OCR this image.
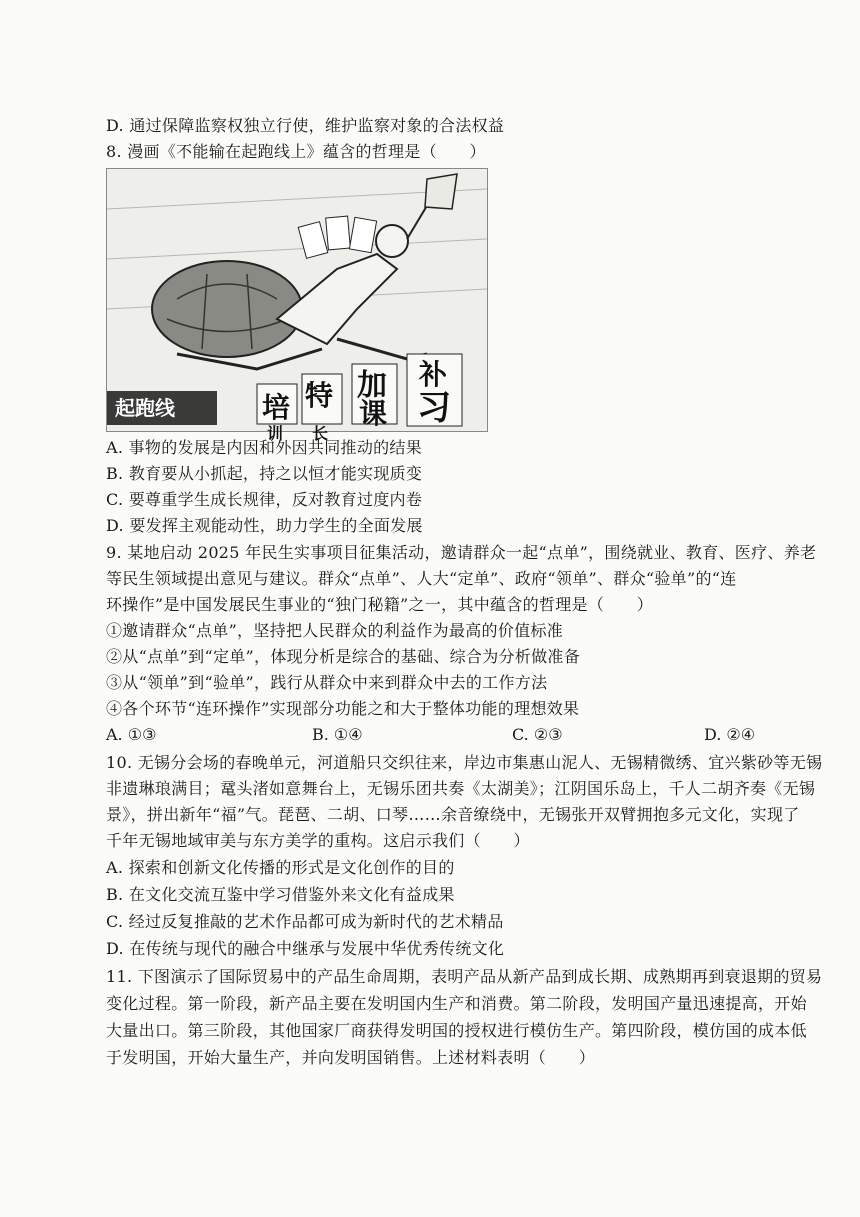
D. 通过保障监察权独立行使，维护监察对象的合法权益
8. 漫画《不能输在起跑线上》蕴含的哲理是（　　）
培 特 加
课
补
习
训 长
起跑线
A. 事物的发展是内因和外因共同推动的结果
B. 教育要从小抓起，持之以恒才能实现质变
C. 要尊重学生成长规律，反对教育过度内卷
D. 要发挥主观能动性，助力学生的全面发展
9. 某地启动 2025 年民生实事项目征集活动，邀请群众一起“点单”，围绕就业、教育、医疗、养老
等民生领域提出意见与建议。群众“点单”、人大“定单”、政府“领单”、群众“验单”的“连
环操作”是中国发展民生事业的“独门秘籍”之一，其中蕴含的哲理是（　　）
①邀请群众“点单”，坚持把人民群众的利益作为最高的价值标准
②从“点单”到“定单”，体现分析是综合的基础、综合为分析做准备
③从“领单”到“验单”，践行从群众中来到群众中去的工作方法
④各个环节“连环操作”实现部分功能之和大于整体功能的理想效果
A. ①③	B. ①④	C. ②③	D. ②④
10. 无锡分会场的春晚单元，河道船只交织往来，岸边市集惠山泥人、无锡精微绣、宜兴紫砂等无锡
非遗琳琅满目；鼋头渚如意舞台上，无锡乐团共奏《太湖美》；江阴国乐岛上，千人二胡齐奏《无锡
景》，拼出新年“福”气。琵琶、二胡、口琴……余音缭绕中，无锡张开双臂拥抱多元文化，实现了
千年无锡地域审美与东方美学的重构。这启示我们（　　）
A. 探索和创新文化传播的形式是文化创作的目的
B. 在文化交流互鉴中学习借鉴外来文化有益成果
C. 经过反复推敲的艺术作品都可成为新时代的艺术精品
D. 在传统与现代的融合中继承与发展中华优秀传统文化
11. 下图演示了国际贸易中的产品生命周期，表明产品从新产品到成长期、成熟期再到衰退期的贸易
变化过程。第一阶段，新产品主要在发明国内生产和消费。第二阶段，发明国产量迅速提高，开始
大量出口。第三阶段，其他国家厂商获得发明国的授权进行模仿生产。第四阶段，模仿国的成本低
于发明国，开始大量生产，并向发明国销售。上述材料表明（　　）
